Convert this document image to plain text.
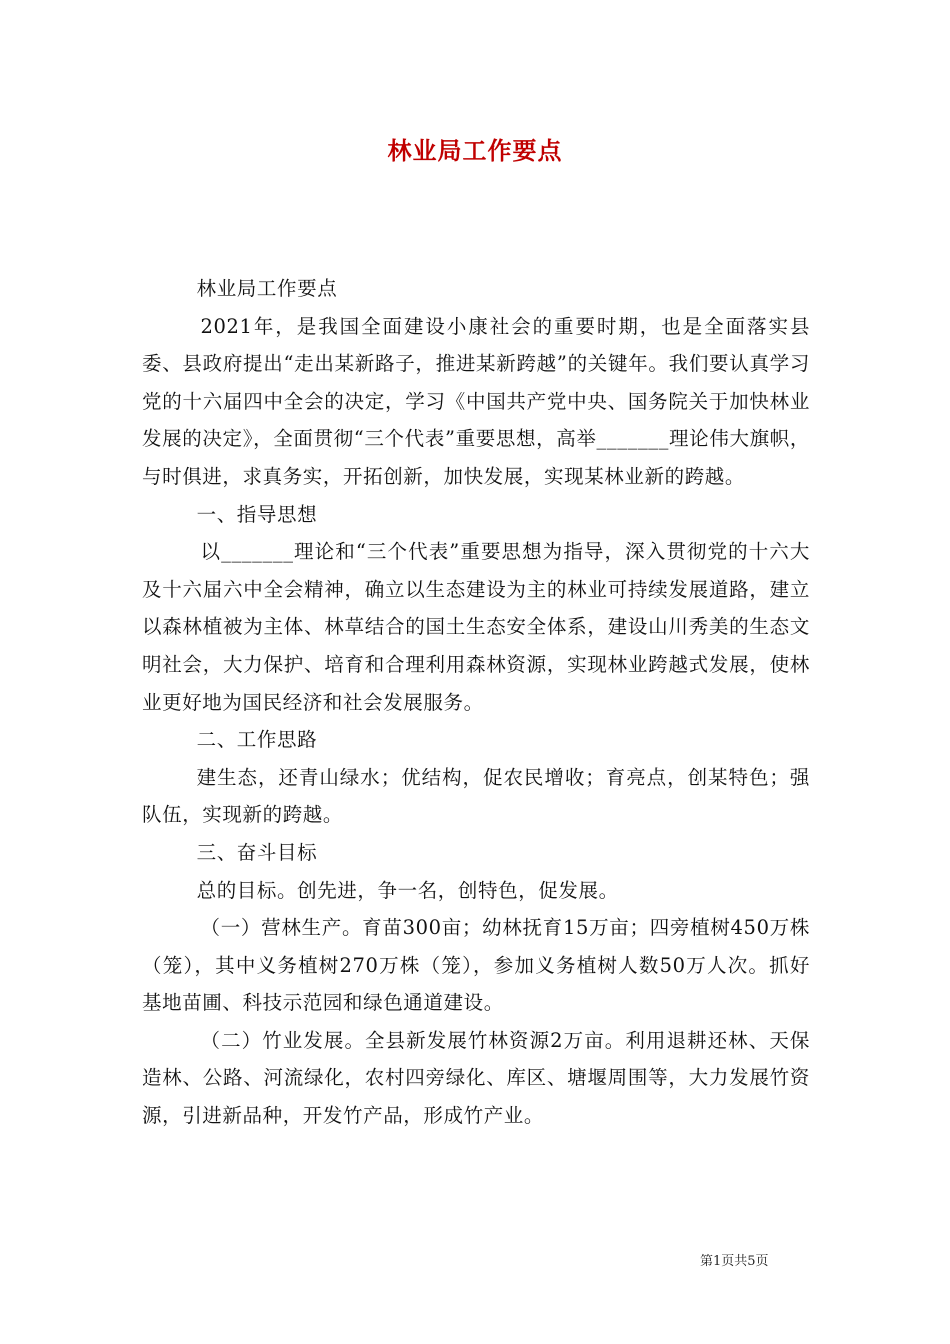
林业局工作要点

林业局工作要点

2021年，是我国全面建设小康社会的重要时期，也是全面落实县委、县政府提出“走出某新路子，推进某新跨越”的关键年。我们要认真学习党的十六届四中全会的决定，学习《中国共产党中央、国务院关于加快林业发展的决定》，全面贯彻“三个代表”重要思想，高举_______理论伟大旗帜，与时俱进，求真务实，开拓创新，加快发展，实现某林业新的跨越。

一、指导思想

以_______理论和“三个代表”重要思想为指导，深入贯彻党的十六大及十六届六中全会精神，确立以生态建设为主的林业可持续发展道路，建立以森林植被为主体、林草结合的国土生态安全体系，建设山川秀美的生态文明社会，大力保护、培育和合理利用森林资源，实现林业跨越式发展，使林业更好地为国民经济和社会发展服务。

二、工作思路

建生态，还青山绿水；优结构，促农民增收；育亮点，创某特色；强队伍，实现新的跨越。

三、奋斗目标

总的目标。创先进，争一名，创特色，促发展。

（一）营林生产。育苗300亩；幼林抚育15万亩；四旁植树450万株（笼），其中义务植树270万株（笼），参加义务植树人数50万人次。抓好基地苗圃、科技示范园和绿色通道建设。

（二）竹业发展。全县新发展竹林资源2万亩。利用退耕还林、天保造林、公路、河流绿化，农村四旁绿化、库区、塘堰周围等，大力发展竹资源，引进新品种，开发竹产品，形成竹产业。

第1页共5页
